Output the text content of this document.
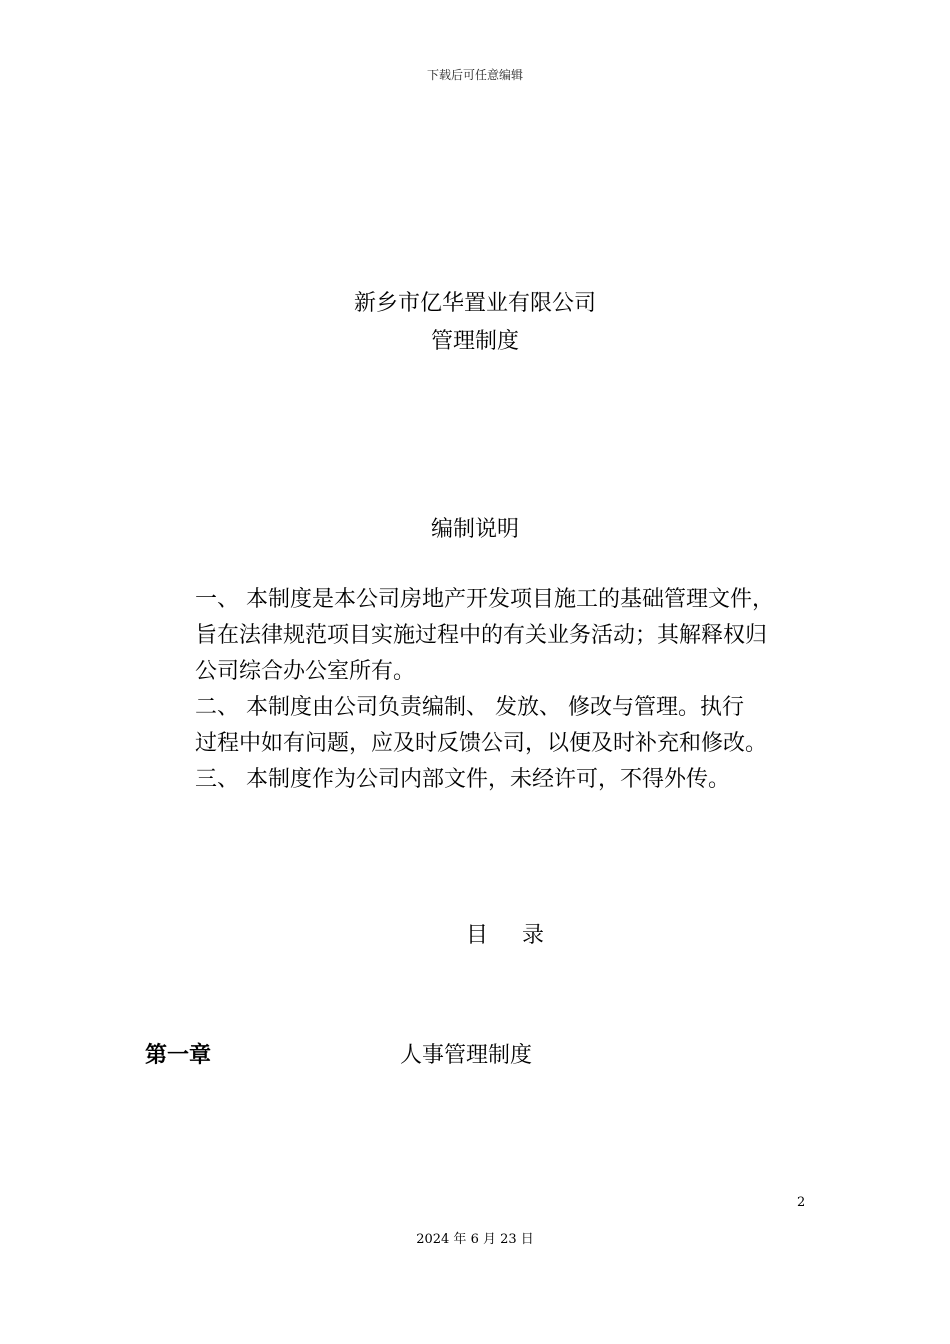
下载后可任意编辑
新乡市亿华置业有限公司
管理制度
编制说明
一、 本制度是本公司房地产开发项目施工的基础管理文件，
旨在法律规范项目实施过程中的有关业务活动；其解释权归
公司综合办公室所有。
二、 本制度由公司负责编制、 发放、 修改与管理。执行
过程中如有问题，应及时反馈公司，以便及时补充和修改。
三、 本制度作为公司内部文件，未经许可，不得外传。
目录
第一章	人事管理制度
2
2024 年 6 月 23 日
